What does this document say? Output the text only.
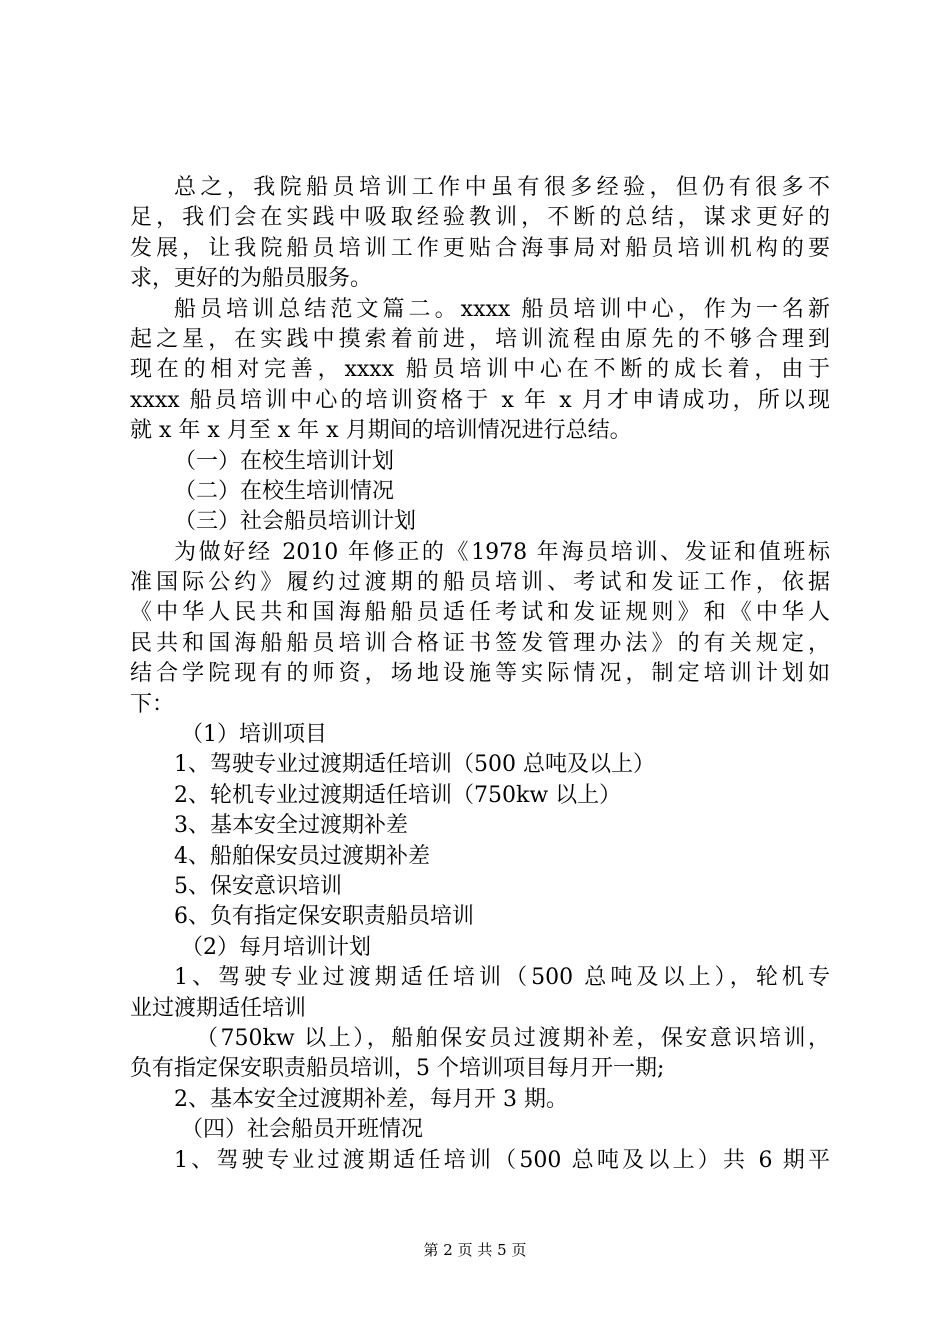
总之，我院船员培训工作中虽有很多经验，但仍有很多不
足，我们会在实践中吸取经验教训，不断的总结，谋求更好的
发展，让我院船员培训工作更贴合海事局对船员培训机构的要
求，更好的为船员服务。
船员培训总结范文篇二。xxxx 船员培训中心，作为一名新
起之星，在实践中摸索着前进，培训流程由原先的不够合理到
现在的相对完善，xxxx 船员培训中心在不断的成长着，由于
xxxx 船员培训中心的培训资格于 x 年 x 月才申请成功，所以现
就 x 年 x 月至 x 年 x 月期间的培训情况进行总结。
（一）在校生培训计划
（二）在校生培训情况
（三）社会船员培训计划
为做好经 2010 年修正的《1978 年海员培训、发证和值班标
准国际公约》履约过渡期的船员培训、考试和发证工作，依据
《中华人民共和国海船船员适任考试和发证规则》和《中华人
民共和国海船船员培训合格证书签发管理办法》的有关规定，
结合学院现有的师资，场地设施等实际情况，制定培训计划如
下：
（1）培训项目
1、驾驶专业过渡期适任培训（500 总吨及以上）
2、轮机专业过渡期适任培训（750kw 以上）
3、基本安全过渡期补差
4、船舶保安员过渡期补差
5、保安意识培训
6、负有指定保安职责船员培训
（2）每月培训计划
1、驾驶专业过渡期适任培训（500 总吨及以上），轮机专
业过渡期适任培训
（750kw 以上），船舶保安员过渡期补差，保安意识培训，
负有指定保安职责船员培训，5 个培训项目每月开一期;
2、基本安全过渡期补差，每月开 3 期。
（四）社会船员开班情况
1、驾驶专业过渡期适任培训（500 总吨及以上）共 6 期平
第 2 页 共 5 页
